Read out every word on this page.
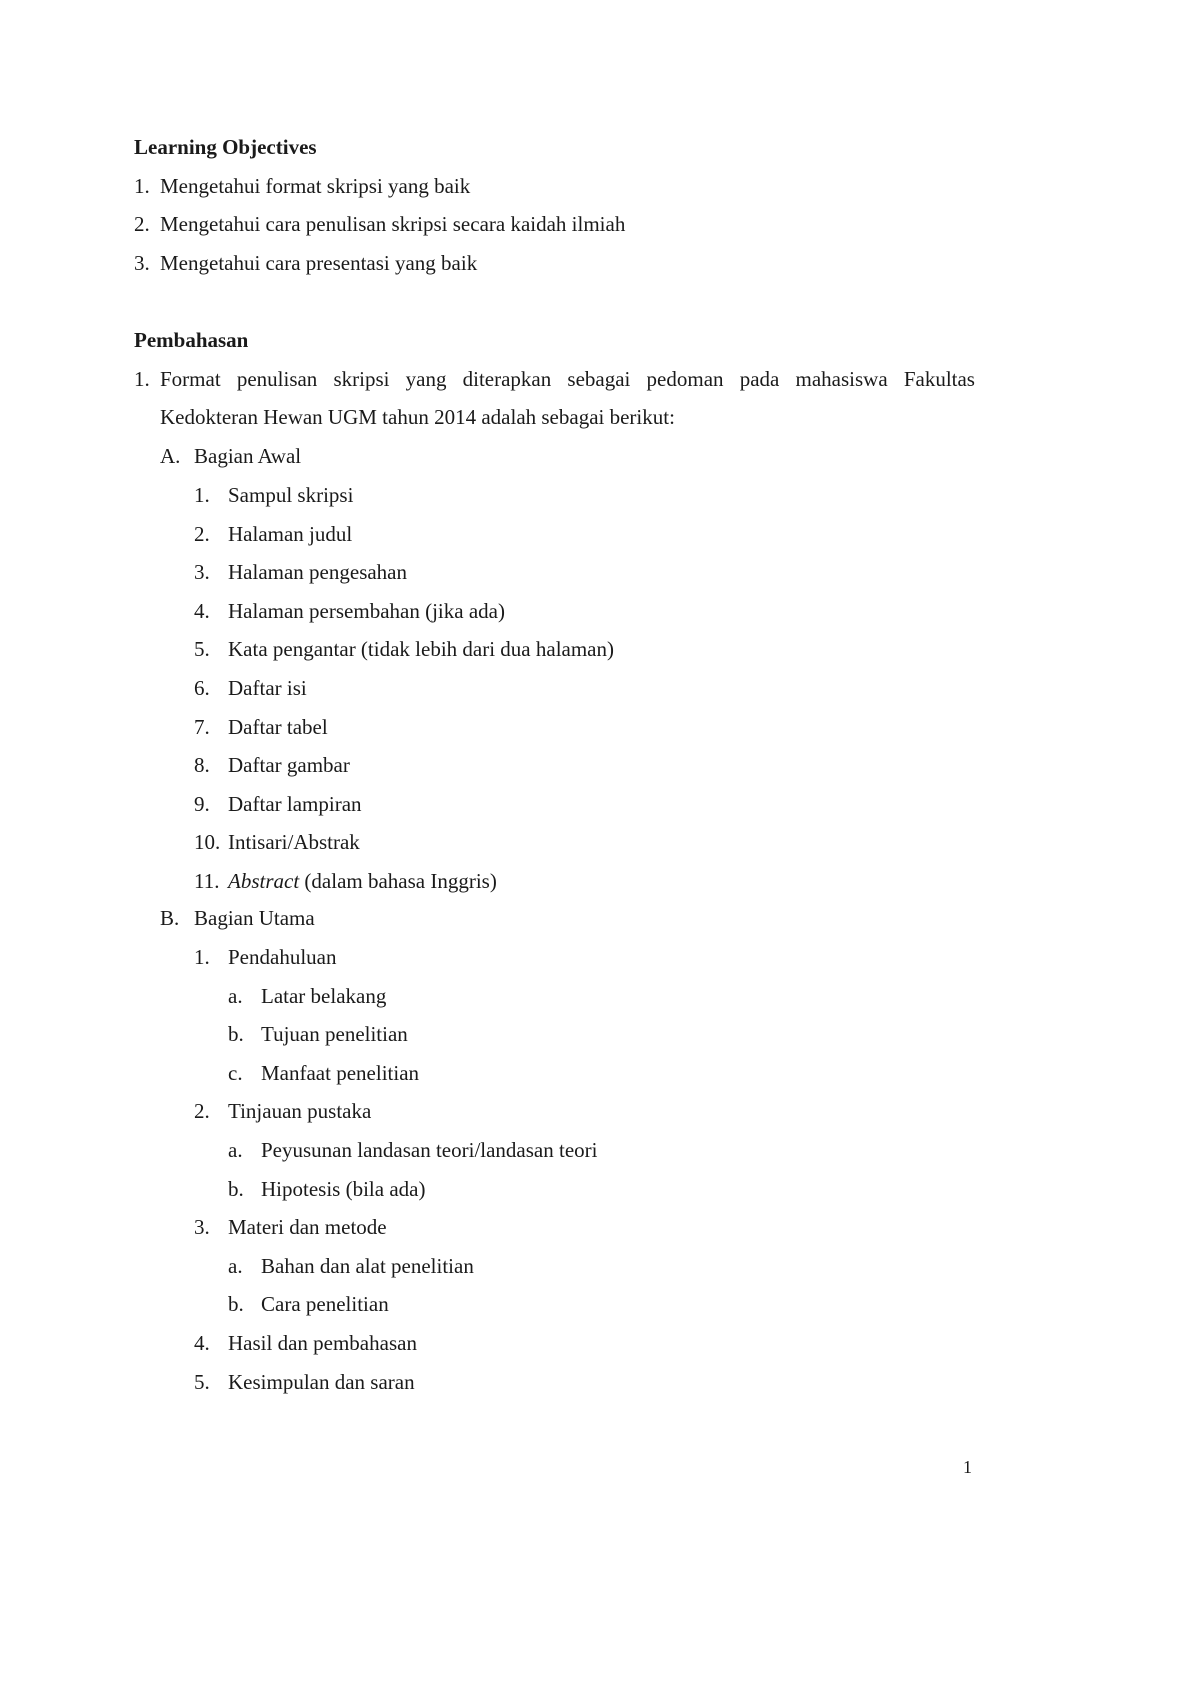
Learning Objectives
1. Mengetahui format skripsi yang baik
2. Mengetahui cara penulisan skripsi secara kaidah ilmiah
3. Mengetahui cara presentasi yang baik
Pembahasan
1. Format penulisan skripsi yang diterapkan sebagai pedoman pada mahasiswa Fakultas
Kedokteran Hewan UGM tahun 2014 adalah sebagai berikut:
A. Bagian Awal
1. Sampul skripsi
2. Halaman judul
3. Halaman pengesahan
4. Halaman persembahan (jika ada)
5. Kata pengantar (tidak lebih dari dua halaman)
6. Daftar isi
7. Daftar tabel
8. Daftar gambar
9. Daftar lampiran
10. Intisari/Abstrak
11. Abstract (dalam bahasa Inggris)
B. Bagian Utama
1. Pendahuluan
a. Latar belakang
b. Tujuan penelitian
c. Manfaat penelitian
2. Tinjauan pustaka
a. Peyusunan landasan teori/landasan teori
b. Hipotesis (bila ada)
3. Materi dan metode
a. Bahan dan alat penelitian
b. Cara penelitian
4. Hasil dan pembahasan
5. Kesimpulan dan saran
1
